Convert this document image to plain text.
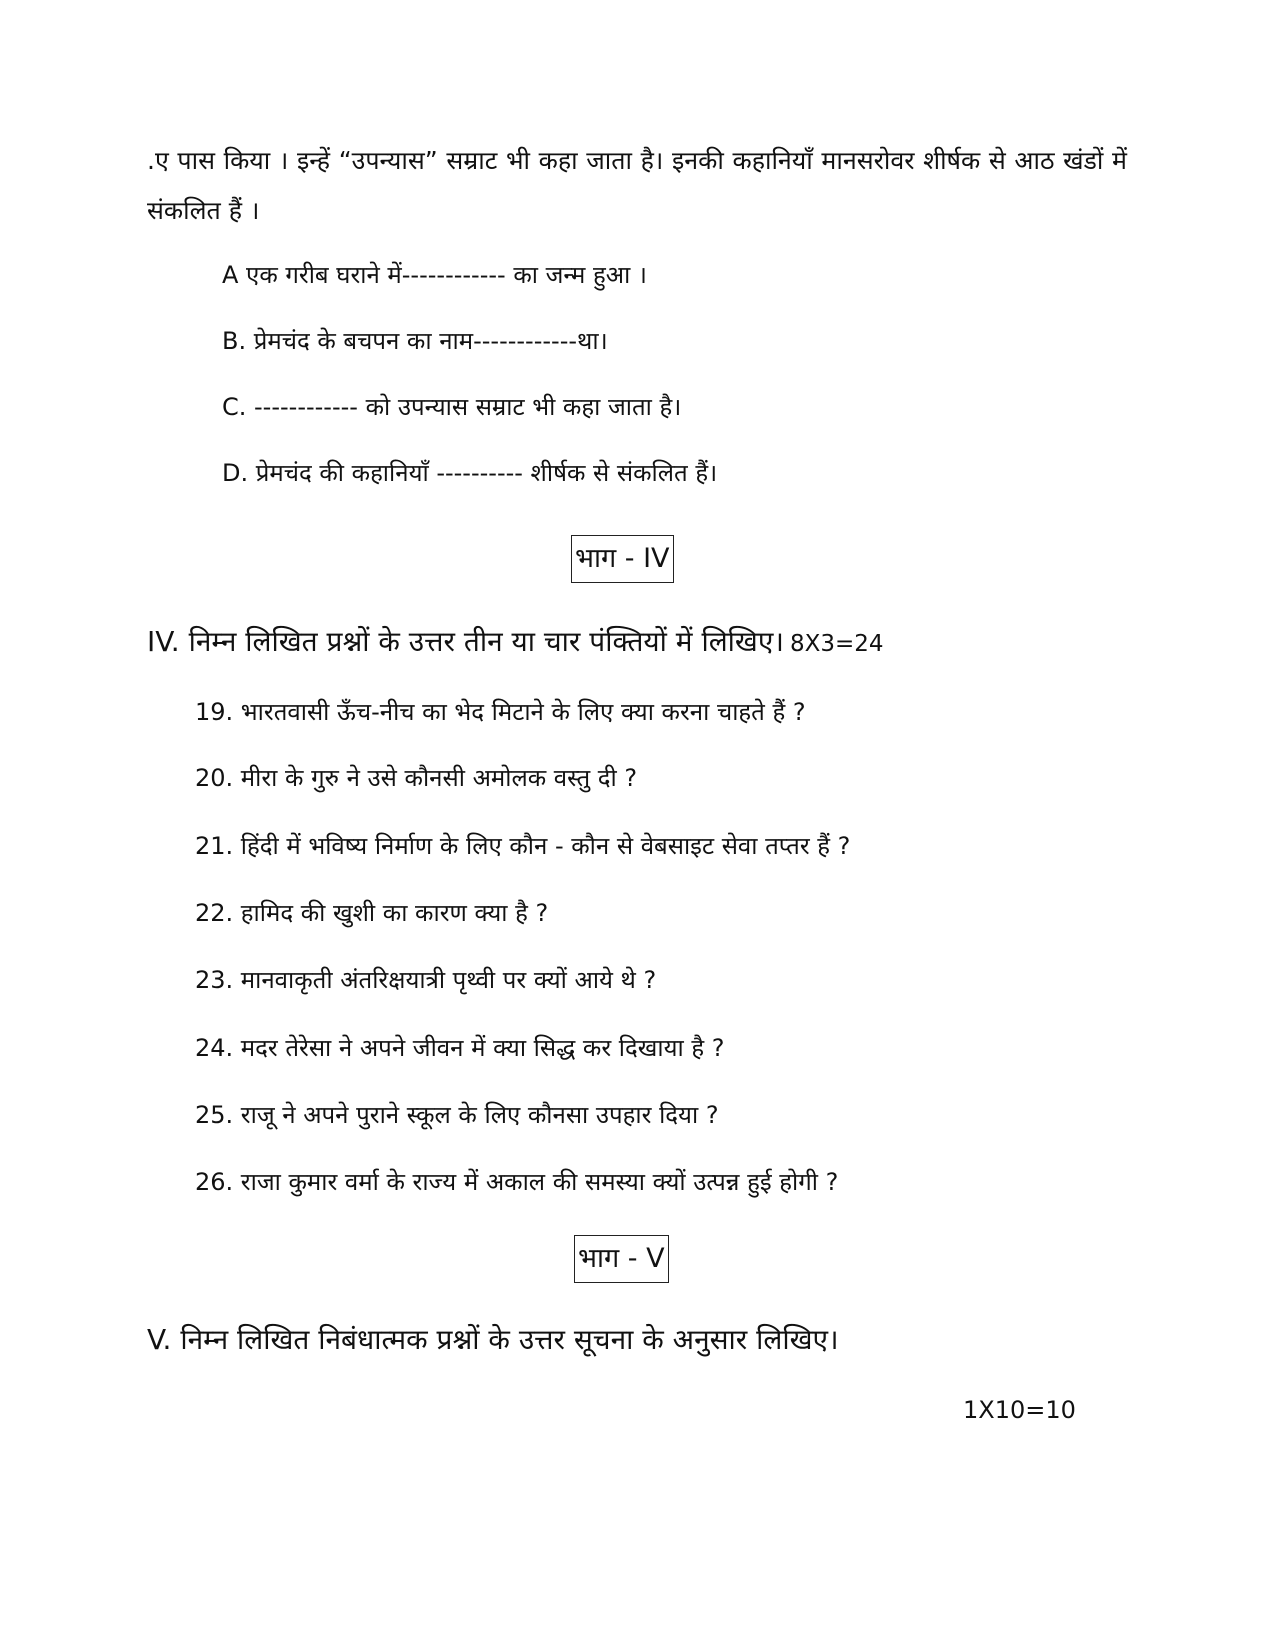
.ए पास किया । इन्हें “उपन्यास” सम्राट भी कहा जाता है। इनकी कहानियाँ मानसरोवर शीर्षक से आठ खंडों में संकलित हैं ।

A एक गरीब घराने में------------ का जन्म हुआ ।
B. प्रेमचंद के बचपन का नाम------------था।
C. ------------ को उपन्यास सम्राट भी कहा जाता है।
D. प्रेमचंद की कहानियाँ ---------- शीर्षक से संकलित हैं।
भाग - IV
IV. निम्न लिखित प्रश्नों के उत्तर तीन या चार पंक्तियों में लिखिए। 8X3=24
19. भारतवासी ऊँच-नीच का भेद मिटाने के लिए क्या करना चाहते हैं ?
20. मीरा के गुरु ने उसे कौनसी अमोलक वस्तु दी ?
21. हिंदी में भविष्य निर्माण के लिए कौन - कौन से वेबसाइट सेवा तप्तर हैं ?
22. हामिद की खुशी का कारण क्या है ?
23. मानवाकृती अंतरिक्षयात्री पृथ्वी पर क्यों आये थे ?
24. मदर तेरेसा ने अपने जीवन में क्या सिद्ध कर दिखाया है ?
25. राजू ने अपने पुराने स्कूल के लिए कौनसा उपहार दिया ?
26. राजा कुमार वर्मा के राज्य में अकाल की समस्या क्यों उत्पन्न हुई होगी ?
भाग - V
V. निम्न लिखित निबंधात्मक प्रश्नों के उत्तर सूचना के अनुसार लिखिए।
1X10=10
